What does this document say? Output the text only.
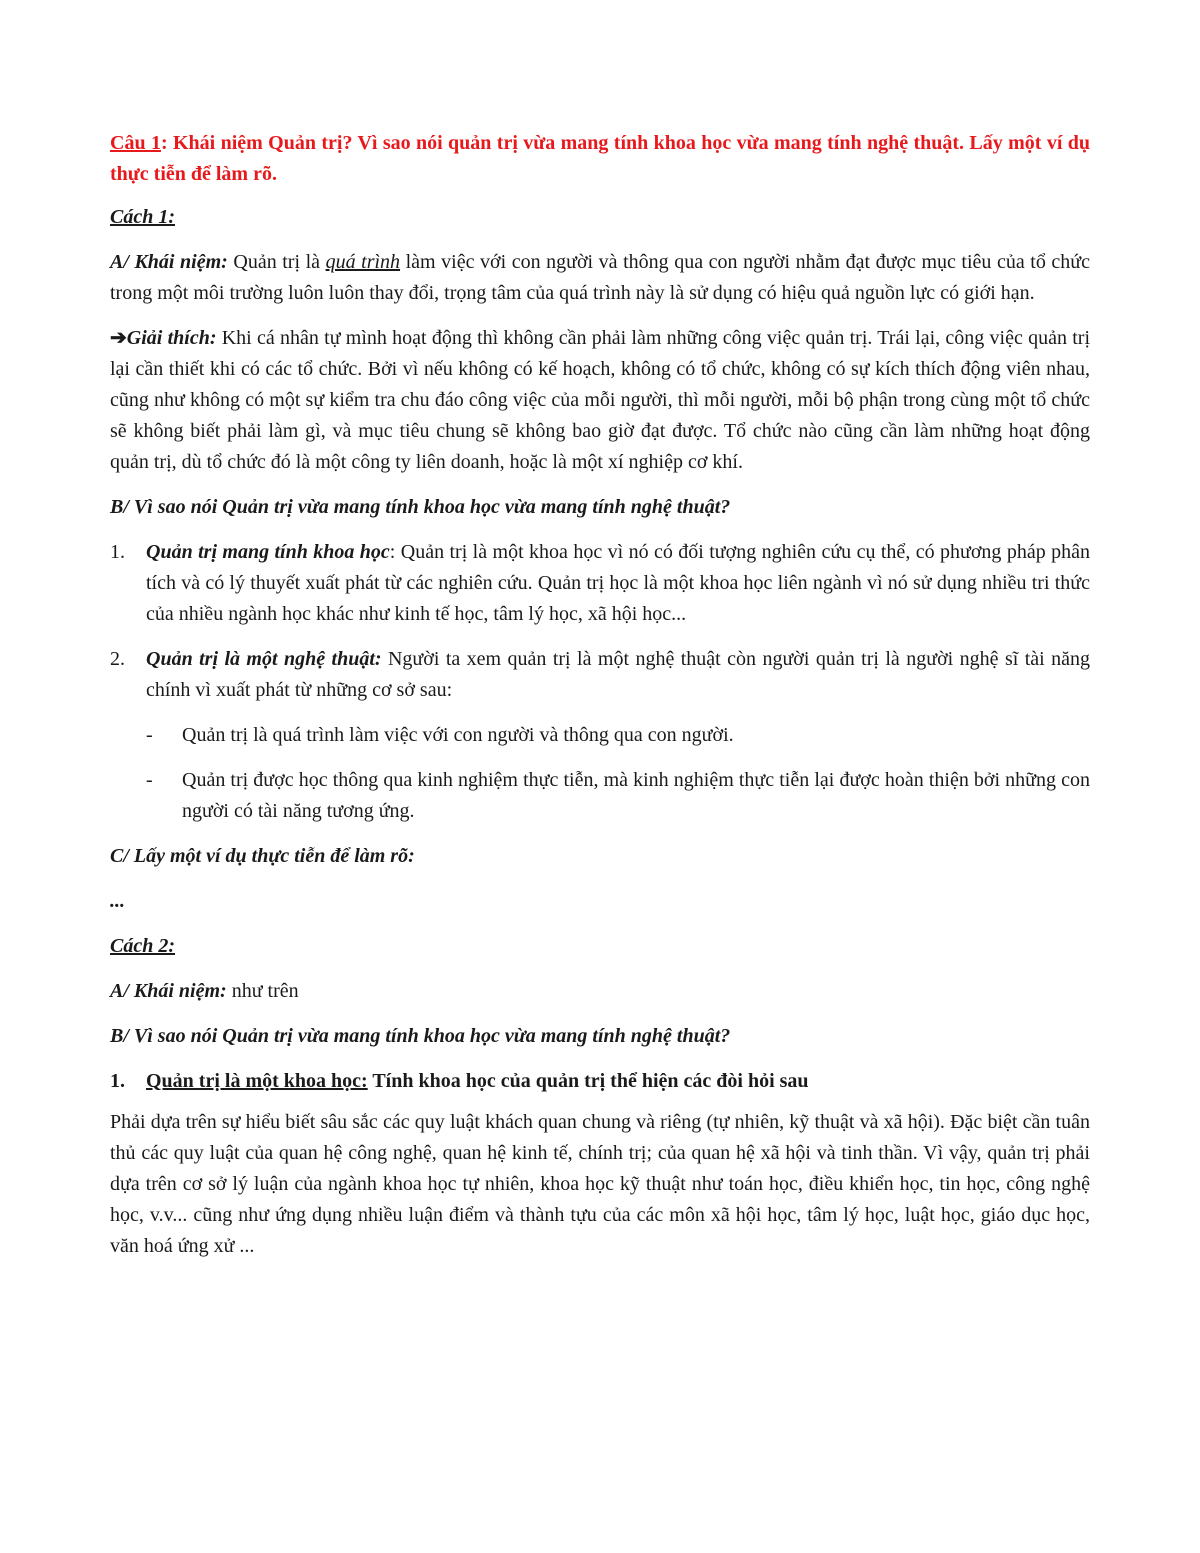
Câu 1: Khái niệm Quản trị? Vì sao nói quản trị vừa mang tính khoa học vừa mang tính nghệ thuật. Lấy một ví dụ thực tiễn để làm rõ.

Cách 1:

A/ Khái niệm: Quản trị là quá trình làm việc với con người và thông qua con người nhằm đạt được mục tiêu của tổ chức trong một môi trường luôn luôn thay đổi, trọng tâm của quá trình này là sử dụng có hiệu quả nguồn lực có giới hạn.

➔Giải thích: Khi cá nhân tự mình hoạt động thì không cần phải làm những công việc quản trị. Trái lại, công việc quản trị lại cần thiết khi có các tổ chức. Bởi vì nếu không có kế hoạch, không có tổ chức, không có sự kích thích động viên nhau, cũng như không có một sự kiểm tra chu đáo công việc của mỗi người, thì mỗi người, mỗi bộ phận trong cùng một tổ chức sẽ không biết phải làm gì, và mục tiêu chung sẽ không bao giờ đạt được. Tổ chức nào cũng cần làm những hoạt động quản trị, dù tổ chức đó là một công ty liên doanh, hoặc là một xí nghiệp cơ khí.

B/ Vì sao nói Quản trị vừa mang tính khoa học vừa mang tính nghệ thuật?

1. Quản trị mang tính khoa học: Quản trị là một khoa học vì nó có đối tượng nghiên cứu cụ thể, có phương pháp phân tích và có lý thuyết xuất phát từ các nghiên cứu. Quản trị học là một khoa học liên ngành vì nó sử dụng nhiều tri thức của nhiều ngành học khác như kinh tế học, tâm lý học, xã hội học...
2. Quản trị là một nghệ thuật: Người ta xem quản trị là một nghệ thuật còn người quản trị là người nghệ sĩ tài năng chính vì xuất phát từ những cơ sở sau:
- Quản trị là quá trình làm việc với con người và thông qua con người.
- Quản trị được học thông qua kinh nghiệm thực tiễn, mà kinh nghiệm thực tiễn lại được hoàn thiện bởi những con người có tài năng tương ứng.

C/ Lấy một ví dụ thực tiễn để làm rõ:

...

Cách 2:

A/ Khái niệm: như trên

B/ Vì sao nói Quản trị vừa mang tính khoa học vừa mang tính nghệ thuật?

1. Quản trị là một khoa học: Tính khoa học của quản trị thể hiện các đòi hỏi sau

Phải dựa trên sự hiểu biết sâu sắc các quy luật khách quan chung và riêng (tự nhiên, kỹ thuật và xã hội). Đặc biệt cần tuân thủ các quy luật của quan hệ công nghệ, quan hệ kinh tế, chính trị; của quan hệ xã hội và tinh thần. Vì vậy, quản trị phải dựa trên cơ sở lý luận của ngành khoa học tự nhiên, khoa học kỹ thuật như toán học, điều khiển học, tin học, công nghệ học, v.v... cũng như ứng dụng nhiều luận điểm và thành tựu của các môn xã hội học, tâm lý học, luật học, giáo dục học, văn hoá ứng xử ...
